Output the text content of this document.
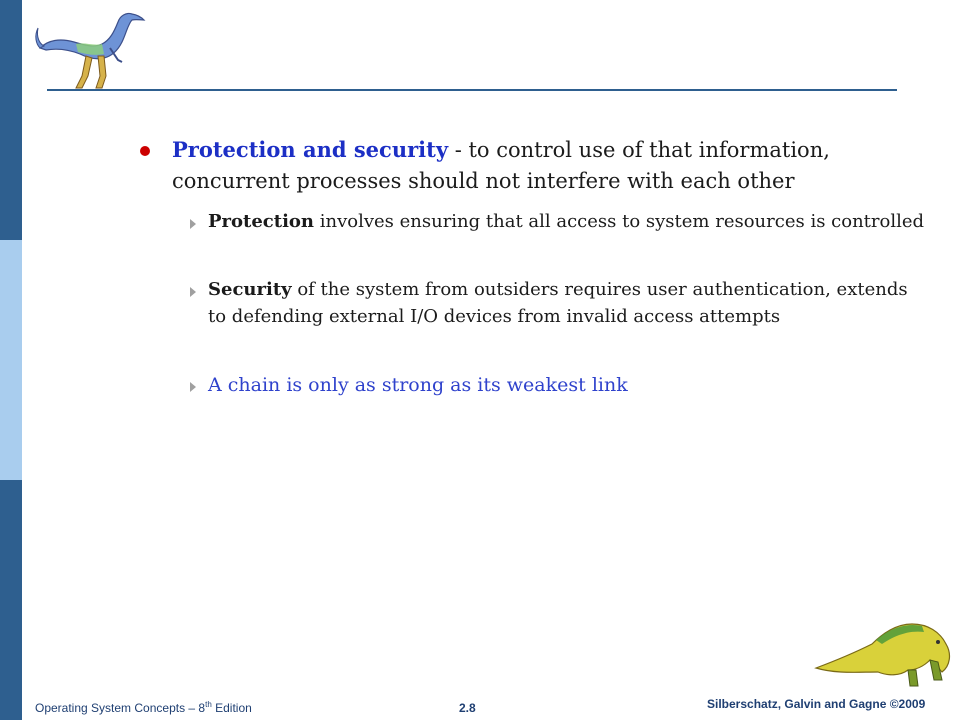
Protection and security - to control use of that information, concurrent processes should not interfere with each other
Protection involves ensuring that all access to system resources is controlled
Security of the system from outsiders requires user authentication, extends to defending external I/O devices from invalid access attempts
A chain is only as strong as its weakest link
Operating System Concepts – 8th Edition	2.8	Silberschatz, Galvin and Gagne ©2009
